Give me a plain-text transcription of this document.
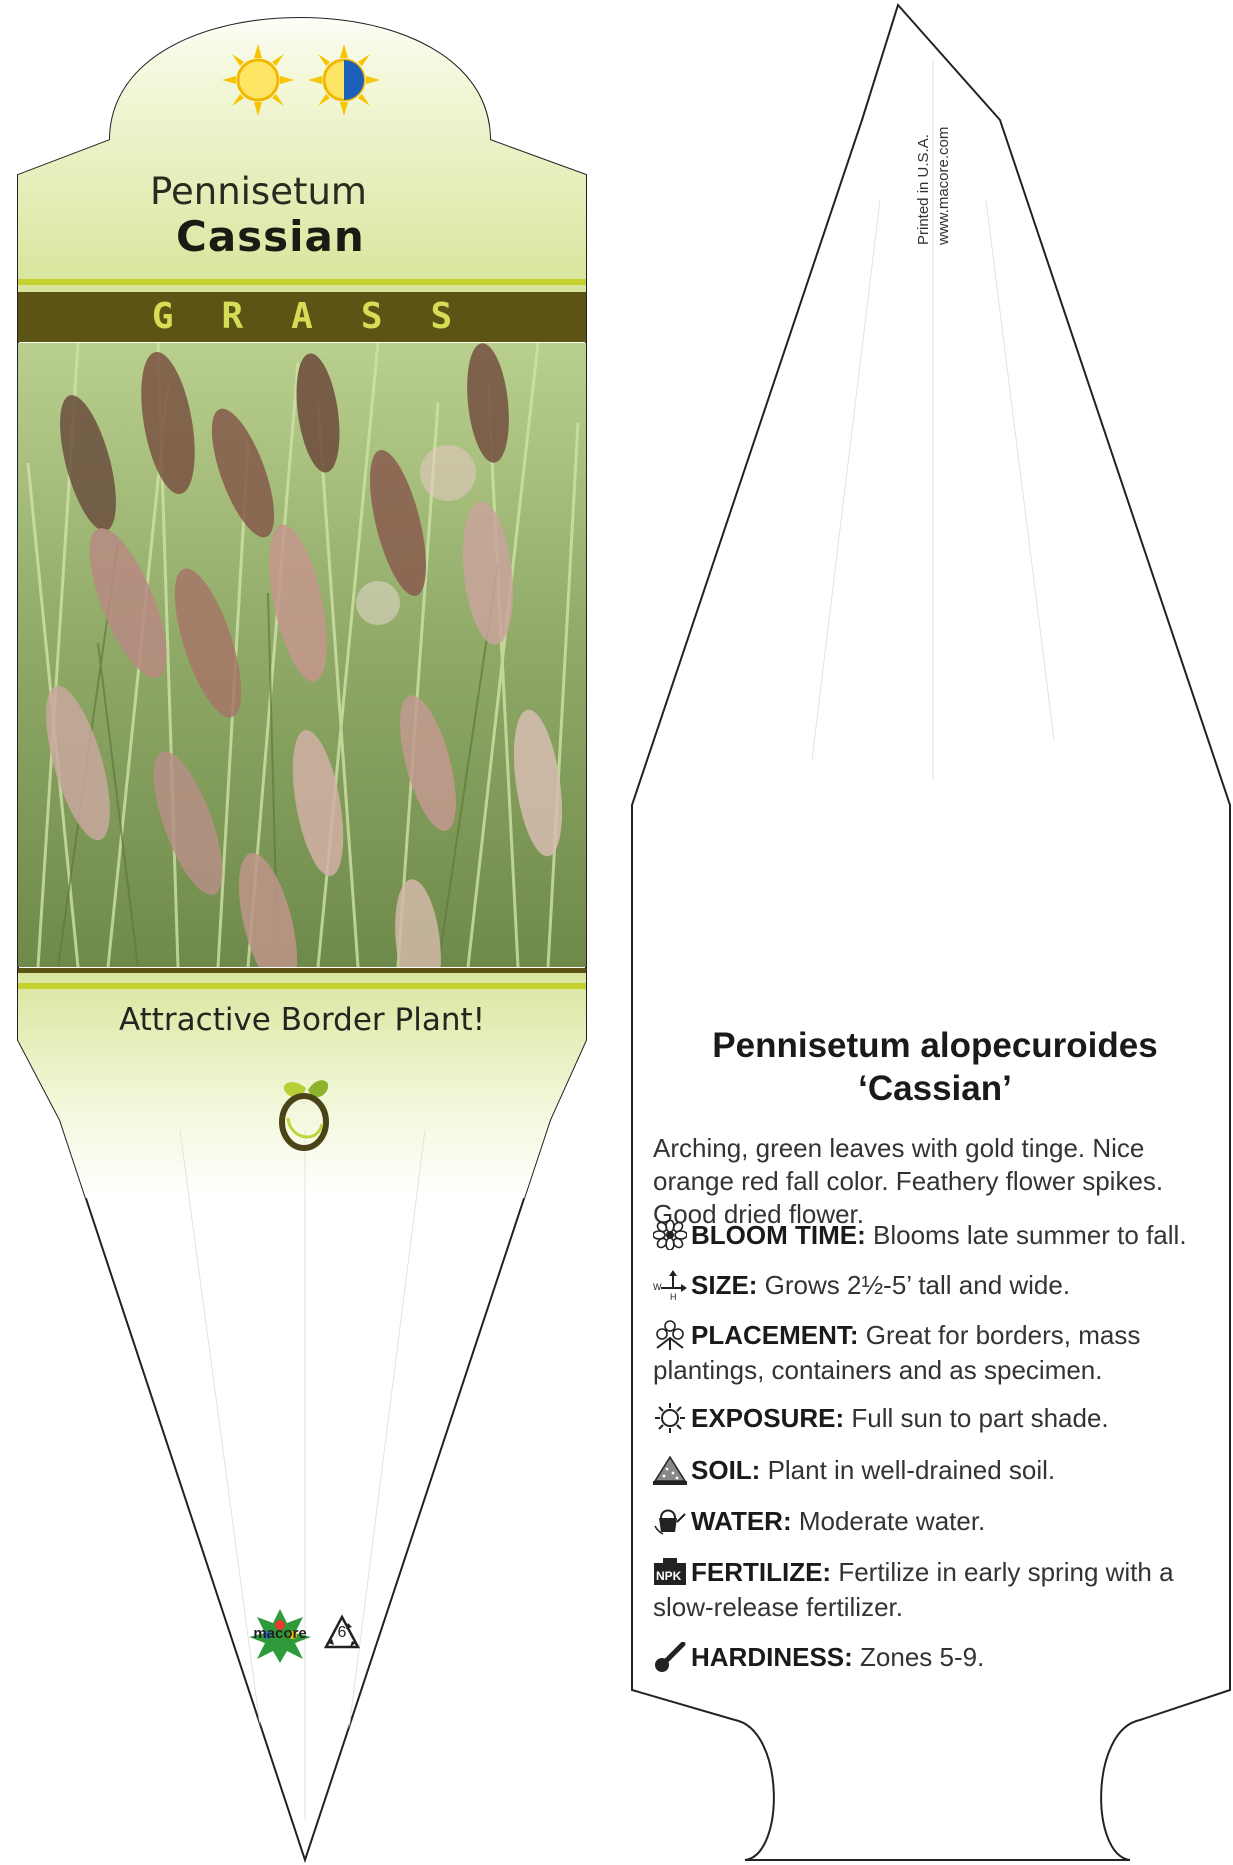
Pennisetum
Cassian
GRASS
Attractive Border Plant!
macore	6
Printed in U.S.A. www.macore.com
Pennisetum alopecuroides
‘Cassian’
Arching, green leaves with gold tinge. Nice orange red fall color. Feathery flower spikes. Good dried flower.
BLOOM TIME: Blooms late summer to fall.
W
H SIZE: Grows 2½-5’ tall and wide.
PLACEMENT: Great for borders, mass plantings, containers and as specimen.
EXPOSURE: Full sun to part shade.
SOIL: Plant in well-drained soil.
WATER: Moderate water.
NPK FERTILIZE: Fertilize in early spring with a slow-release fertilizer.
HARDINESS: Zones 5-9.
